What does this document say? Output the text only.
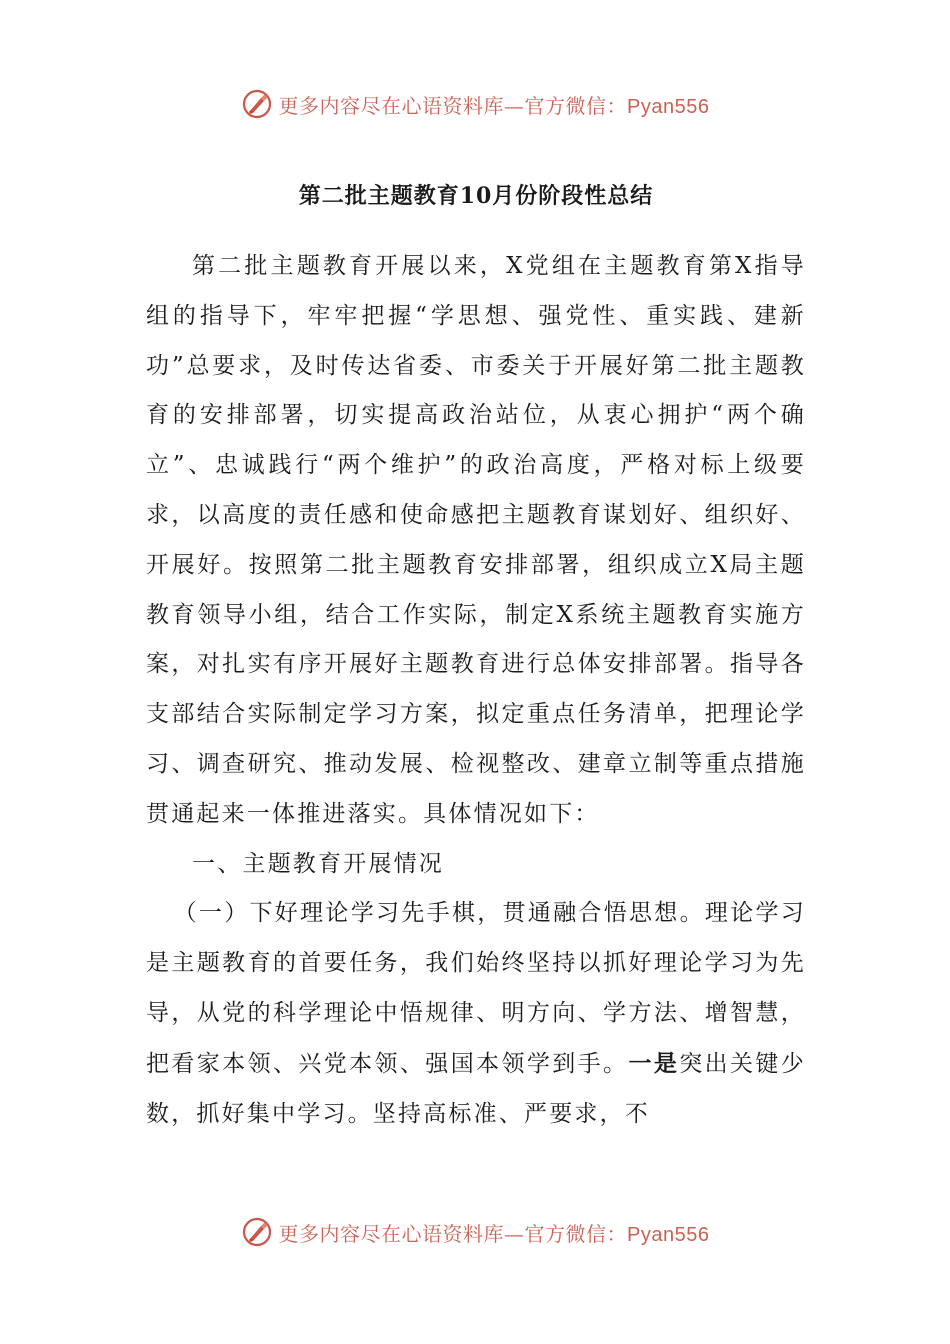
更多内容尽在心语资料库—官方微信：Pyan556
第二批主题教育10月份阶段性总结

第二批主题教育开展以来，X党组在主题教育第X指导组的指导下，牢牢把握“学思想、强党性、重实践、建新功”总要求，及时传达省委、市委关于开展好第二批主题教育的安排部署，切实提高政治站位，从衷心拥护“两个确立”、忠诚践行“两个维护”的政治高度，严格对标上级要求，以高度的责任感和使命感把主题教育谋划好、组织好、开展好。按照第二批主题教育安排部署，组织成立X局主题教育领导小组，结合工作实际，制定X系统主题教育实施方案，对扎实有序开展好主题教育进行总体安排部署。指导各支部结合实际制定学习方案，拟定重点任务清单，把理论学习、调查研究、推动发展、检视整改、建章立制等重点措施贯通起来一体推进落实。具体情况如下：

一、主题教育开展情况

（一）下好理论学习先手棋，贯通融合悟思想。理论学习是主题教育的首要任务，我们始终坚持以抓好理论学习为先导，从党的科学理论中悟规律、明方向、学方法、增智慧，把看家本领、兴党本领、强国本领学到手。一是突出关键少数，抓好集中学习。坚持高标准、严要求，不

更多内容尽在心语资料库—官方微信：Pyan556
